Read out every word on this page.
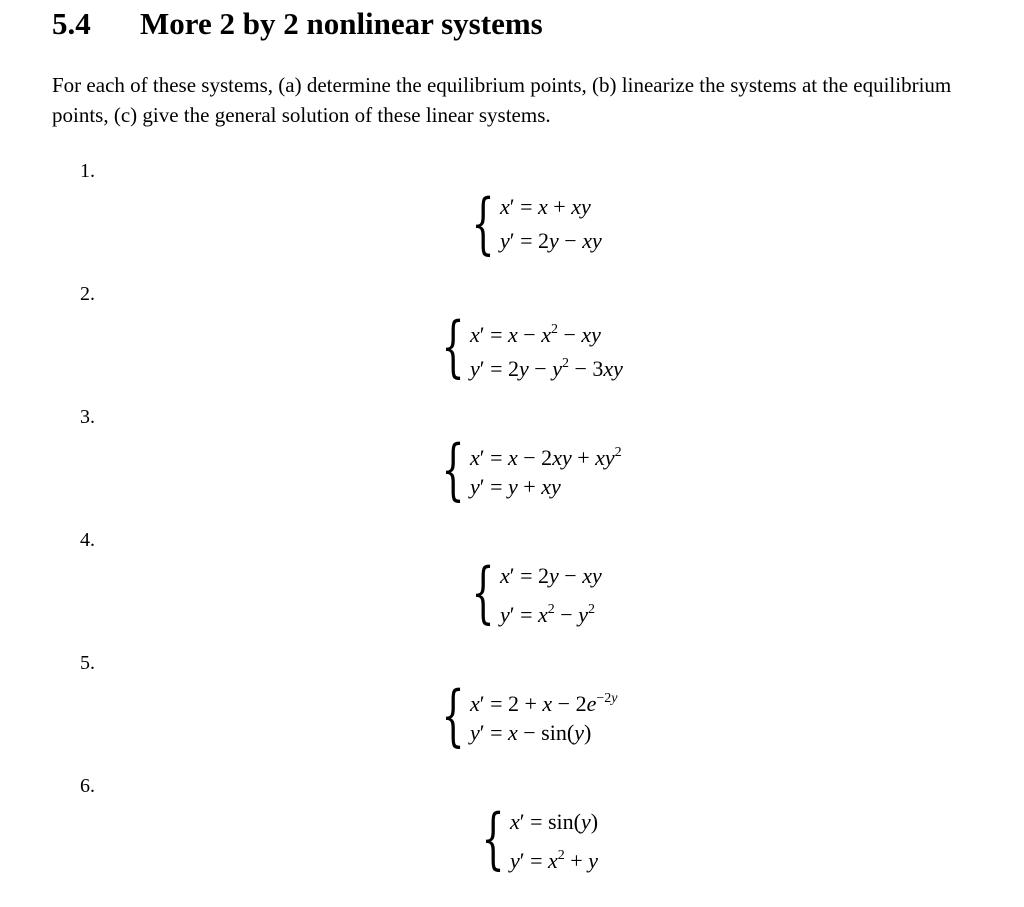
5.4 More 2 by 2 nonlinear systems
For each of these systems, (a) determine the equilibrium points, (b) linearize the systems at the equilibrium points, (c) give the general solution of these linear systems.
1.
{ x′ = x + xy
y′ = 2y − xy
2.
{ $x' = x - x^2$ − xy
$y' = 2y - y^2 - 3xy$
3.
{ $x' = x - 2xy + xy^2$
y′ = y + xy
4.
{ x′ = 2y − xy
$y' = x^2 - y^2$
5.
{ $x' = 2 + x - 2e^{-2y}$
y′ = x − sin(y)
6.
{ x′ = sin(y)
$y' = x^2 + y$
